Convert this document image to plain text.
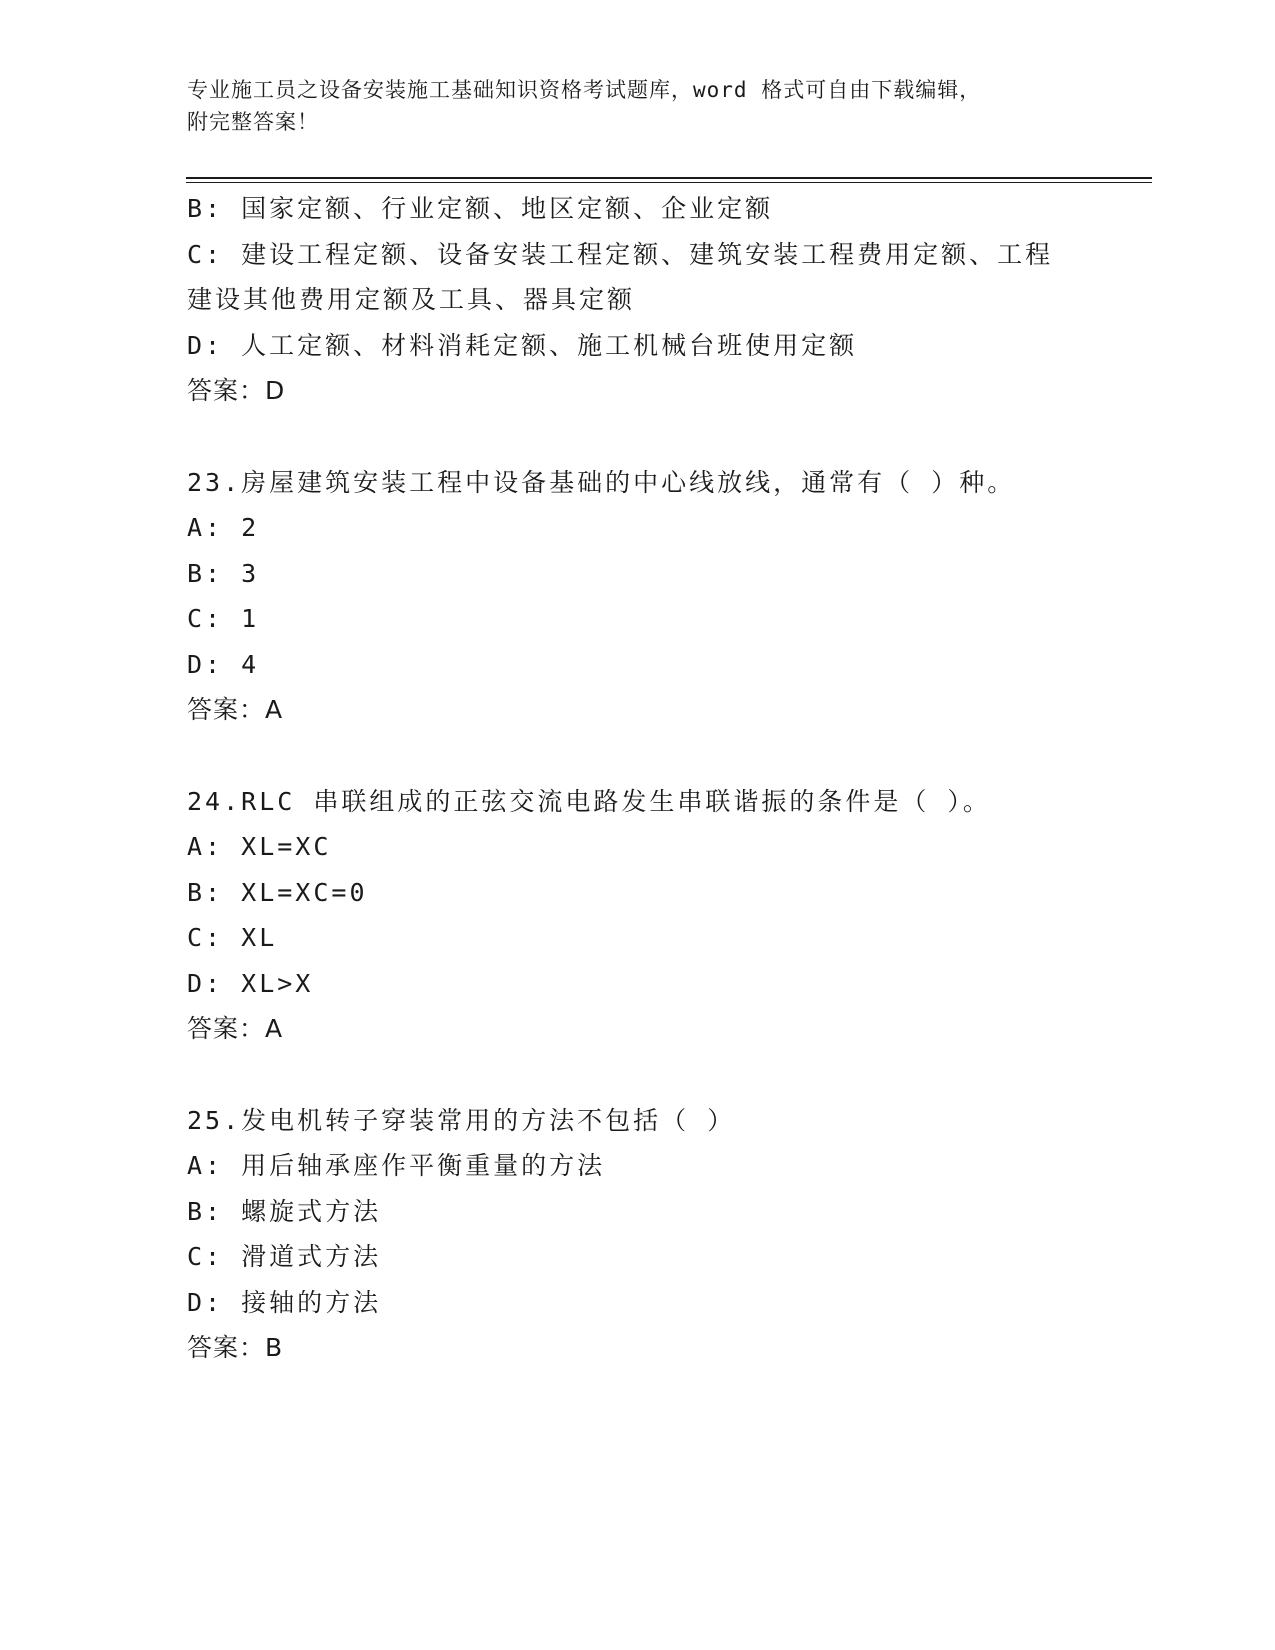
专业施工员之设备安装施工基础知识资格考试题库，word 格式可自由下载编辑，
附完整答案！
B: 国家定额、行业定额、地区定额、企业定额
C: 建设工程定额、设备安装工程定额、建筑安装工程费用定额、工程建设其他费用定额及工具、器具定额
D: 人工定额、材料消耗定额、施工机械台班使用定额
答案：D
23.房屋建筑安装工程中设备基础的中心线放线，通常有（ ）种。
A: 2
B: 3
C: 1
D: 4
答案：A
24.RLC 串联组成的正弦交流电路发生串联谐振的条件是（ ）。
A: XL=XC
B: XL=XC=0
C: XL
D: XL>X
答案：A
25.发电机转子穿装常用的方法不包括（ ）
A: 用后轴承座作平衡重量的方法
B: 螺旋式方法
C: 滑道式方法
D: 接轴的方法
答案：B
